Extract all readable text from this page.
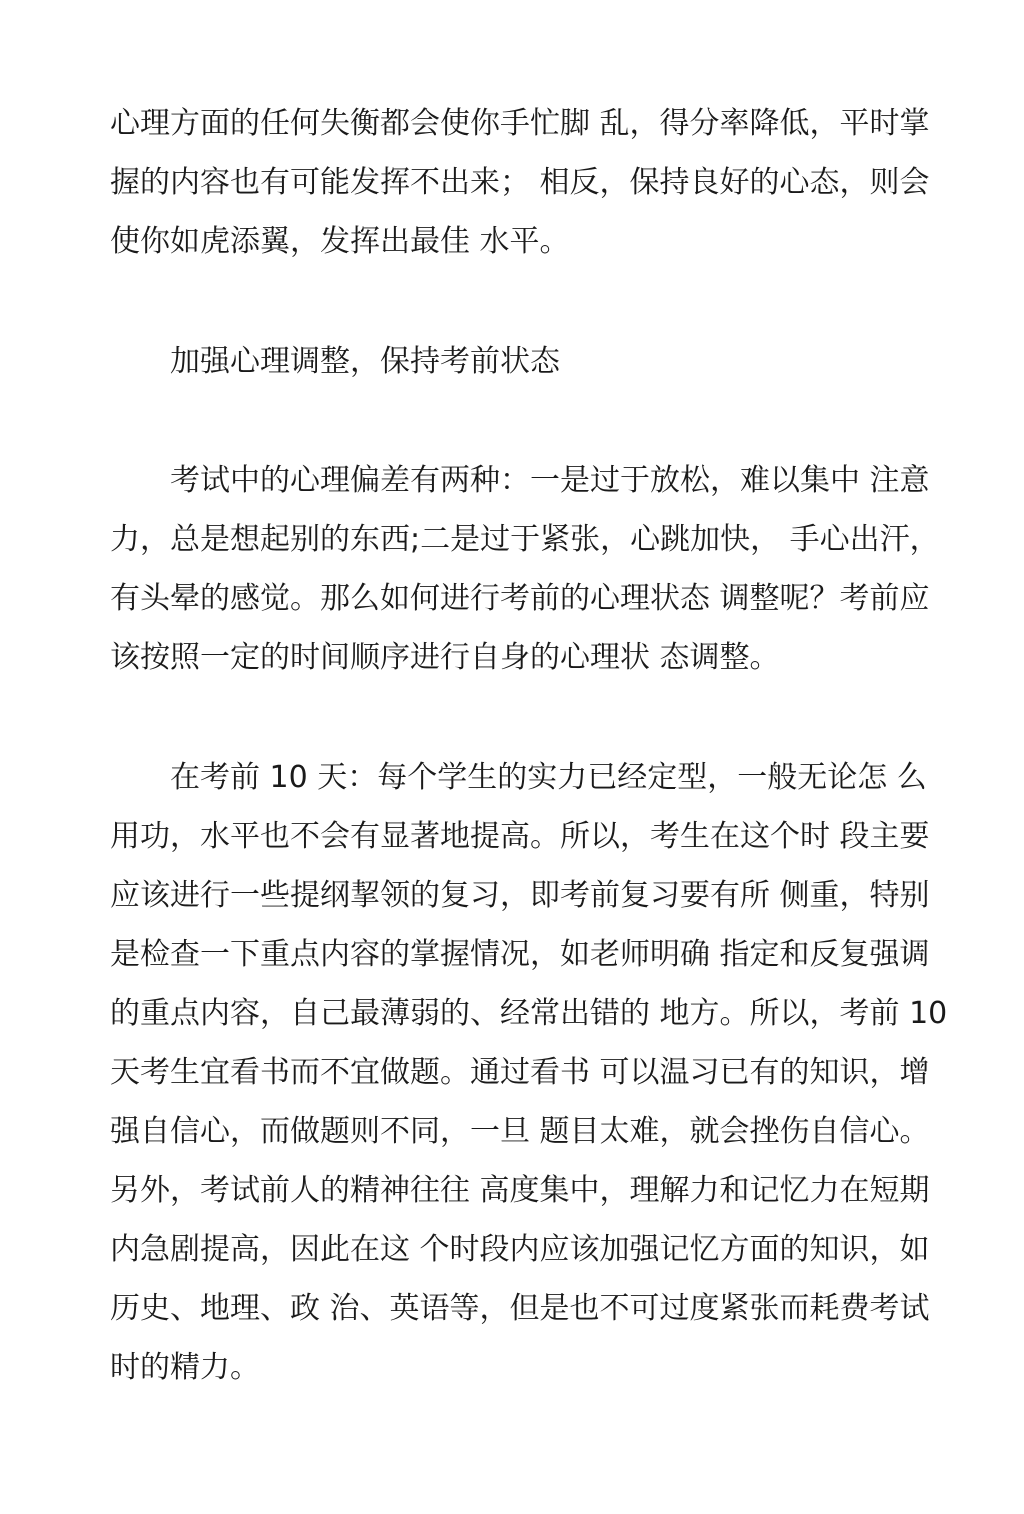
心理方面的任何失衡都会使你手忙脚 乱，得分率降低，平时掌
握的内容也有可能发挥不出来； 相反，保持良好的心态，则会
使你如虎添翼，发挥出最佳 水平。
加强心理调整，保持考前状态
考试中的心理偏差有两种：一是过于放松，难以集中 注意
力，总是想起别的东西;二是过于紧张，心跳加快， 手心出汗，
有头晕的感觉。那么如何进行考前的心理状态 调整呢？考前应
该按照一定的时间顺序进行自身的心理状 态调整。
在考前 10 天：每个学生的实力已经定型，一般无论怎 么
用功，水平也不会有显著地提高。所以，考生在这个时 段主要
应该进行一些提纲挈领的复习，即考前复习要有所 侧重，特别
是检查一下重点内容的掌握情况，如老师明确 指定和反复强调
的重点内容，自己最薄弱的、经常出错的 地方。所以，考前 10
天考生宜看书而不宜做题。通过看书 可以温习已有的知识，增
强自信心，而做题则不同，一旦 题目太难，就会挫伤自信心。
另外，考试前人的精神往往 高度集中，理解力和记忆力在短期
内急剧提高，因此在这 个时段内应该加强记忆方面的知识，如
历史、地理、政 治、英语等，但是也不可过度紧张而耗费考试
时的精力。
